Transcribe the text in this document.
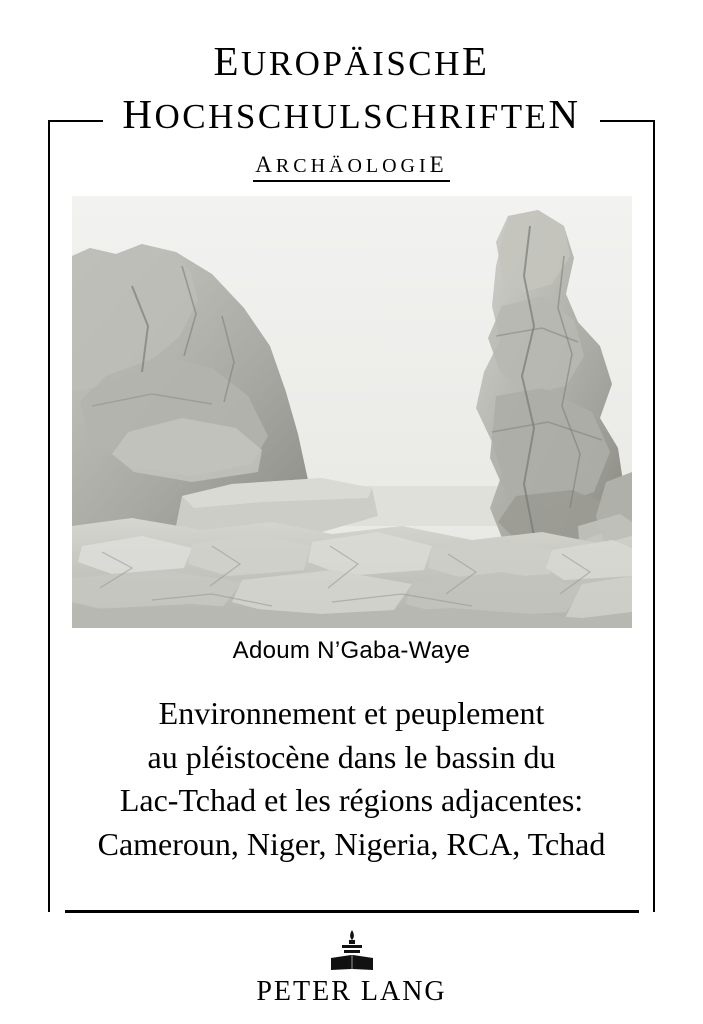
EUROPÄISCHE
HOCHSCHULSCHRIFTEN
ARCHÄOLOGIE
Adoum N’Gaba-Waye
Environnement et peuplement
au pléistocène dans le bassin du
Lac-Tchad et les régions adjacentes:
Cameroun, Niger, Nigeria, RCA, Tchad
PETER LANG
